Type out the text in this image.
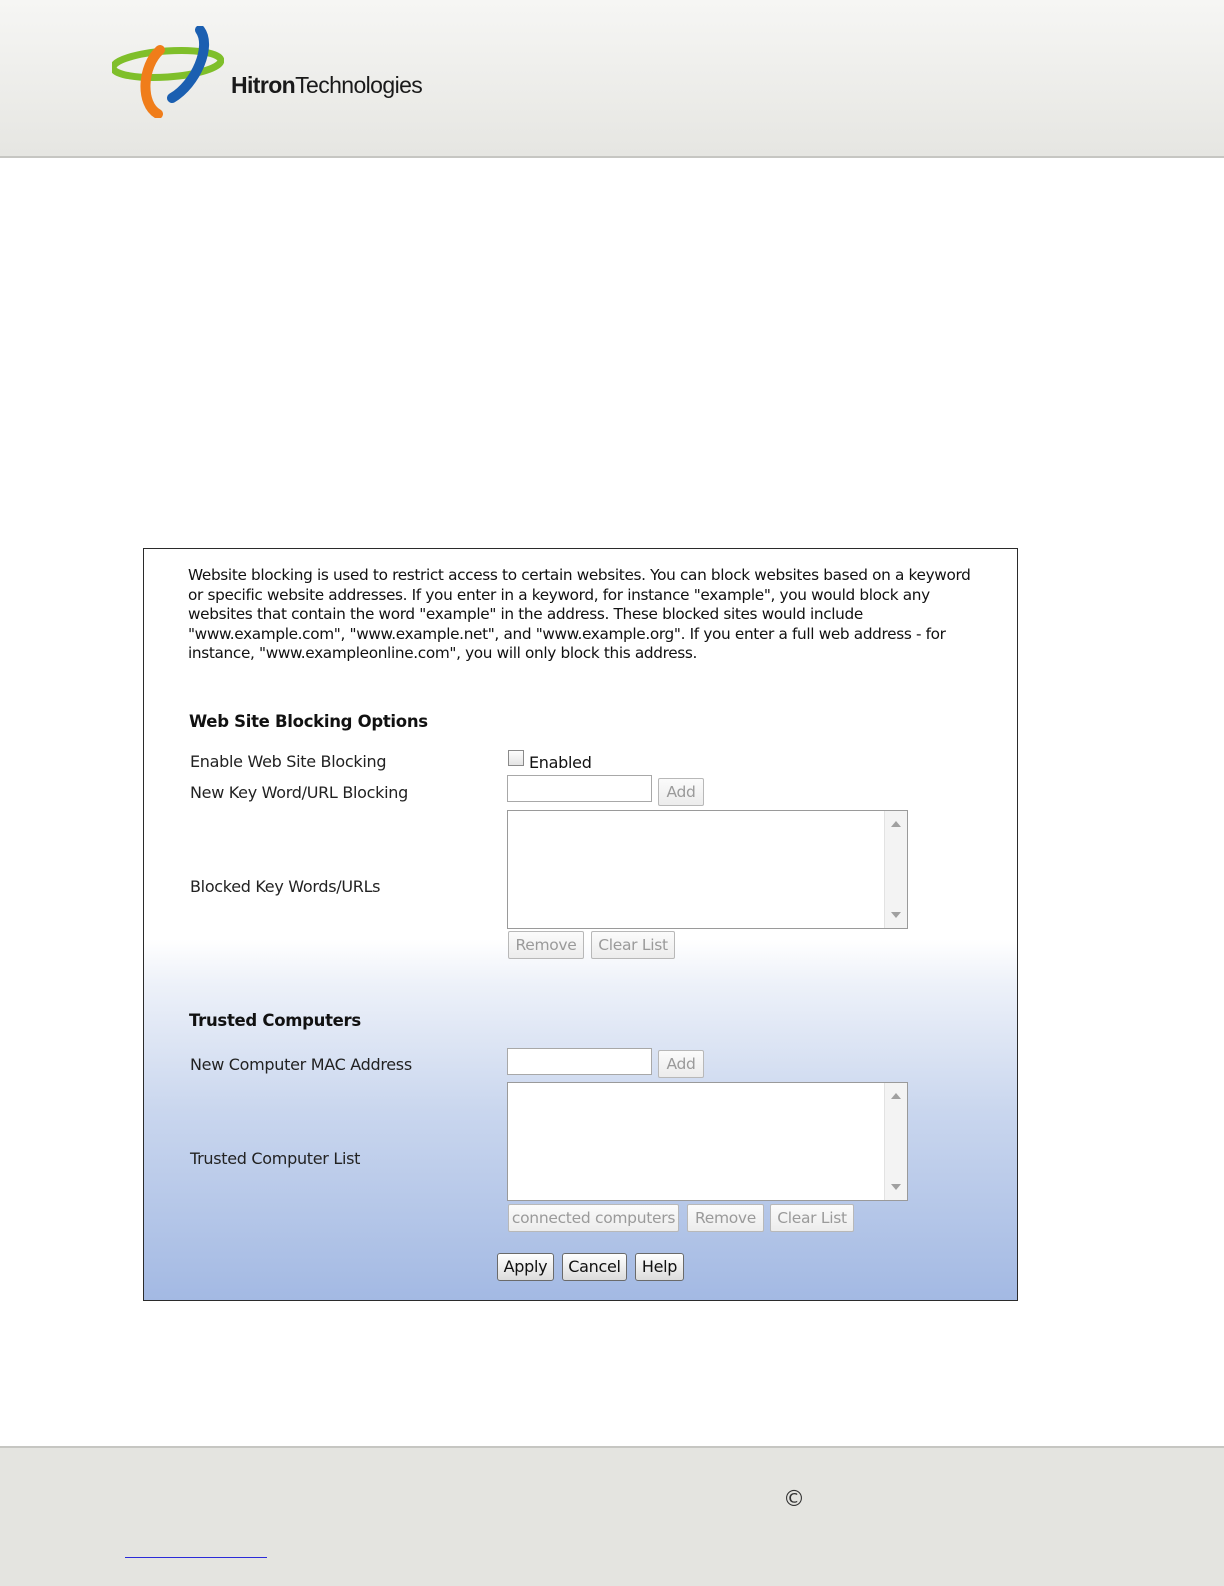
HitronTechnologies

Website blocking is used to restrict access to certain websites. You can block websites based on a keyword or specific website addresses. If you enter in a keyword, for instance "example", you would block any websites that contain the word "example" in the address. These blocked sites would include "www.example.com", "www.example.net", and "www.example.org". If you enter a full web address - for instance, "www.exampleonline.com", you will only block this address.

Web Site Blocking Options
Enable Web Site Blocking	Enabled
New Key Word/URL Blocking	Add
Blocked Key Words/URLs
Remove	Clear List
Trusted Computers
New Computer MAC Address	Add
Trusted Computer List
connected computers	Remove	Clear List
Apply	Cancel	Help
©
